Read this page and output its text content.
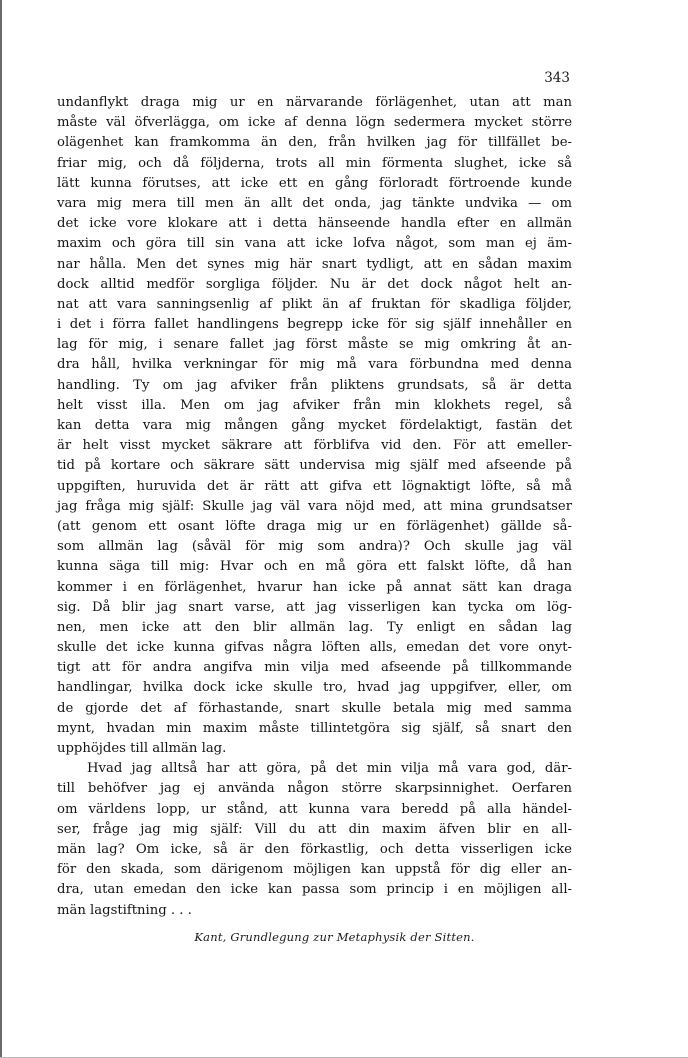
343

undanflykt draga mig ur en närvarande förlägenhet, utan att man
måste väl öfverlägga, om icke af denna lögn sedermera mycket större
olägenhet kan framkomma än den, från hvilken jag för tillfället be-
friar mig, och då följderna, trots all min förmenta slughet, icke så
lätt kunna förutses, att icke ett en gång förloradt förtroende kunde
vara mig mera till men än allt det onda, jag tänkte undvika — om
det icke vore klokare att i detta hänseende handla efter en allmän
maxim och göra till sin vana att icke lofva något, som man ej äm-
nar hålla. Men det synes mig här snart tydligt, att en sådan maxim
dock alltid medför sorgliga följder. Nu är det dock något helt an-
nat att vara sanningsenlig af plikt än af fruktan för skadliga följder,
i det i förra fallet handlingens begrepp icke för sig själf innehåller en
lag för mig, i senare fallet jag först måste se mig omkring åt an-
dra håll, hvilka verkningar för mig må vara förbundna med denna
handling. Ty om jag afviker från pliktens grundsats, så är detta
helt visst illa. Men om jag afviker från min klokhets regel, så
kan detta vara mig mången gång mycket fördelaktigt, fastän det
är helt visst mycket säkrare att förblifva vid den. För att emeller-
tid på kortare och säkrare sätt undervisa mig själf med afseende på
uppgiften, huruvida det är rätt att gifva ett lögnaktigt löfte, så må
jag fråga mig själf: Skulle jag väl vara nöjd med, att mina grundsatser
(att genom ett osant löfte draga mig ur en förlägenhet) gällde så-
som allmän lag (såväl för mig som andra)? Och skulle jag väl
kunna säga till mig: Hvar och en må göra ett falskt löfte, då han
kommer i en förlägenhet, hvarur han icke på annat sätt kan draga
sig. Då blir jag snart varse, att jag visserligen kan tycka om lög-
nen, men icke att den blir allmän lag. Ty enligt en sådan lag
skulle det icke kunna gifvas några löften alls, emedan det vore onyt-
tigt att för andra angifva min vilja med afseende på tillkommande
handlingar, hvilka dock icke skulle tro, hvad jag uppgifver, eller, om
de gjorde det af förhastande, snart skulle betala mig med samma
mynt, hvadan min maxim måste tillintetgöra sig själf, så snart den
upphöjdes till allmän lag.
Hvad jag alltså har att göra, på det min vilja må vara god, där-
till behöfver jag ej använda någon större skarpsinnighet. Oerfaren
om världens lopp, ur stånd, att kunna vara beredd på alla händel-
ser, fråge jag mig själf: Vill du att din maxim äfven blir en all-
män lag? Om icke, så är den förkastlig, och detta visserligen icke
för den skada, som därigenom möjligen kan uppstå för dig eller an-
dra, utan emedan den icke kan passa som princip i en möjligen all-
män lagstiftning . . .

Kant, Grundlegung zur Metaphysik der Sitten.
